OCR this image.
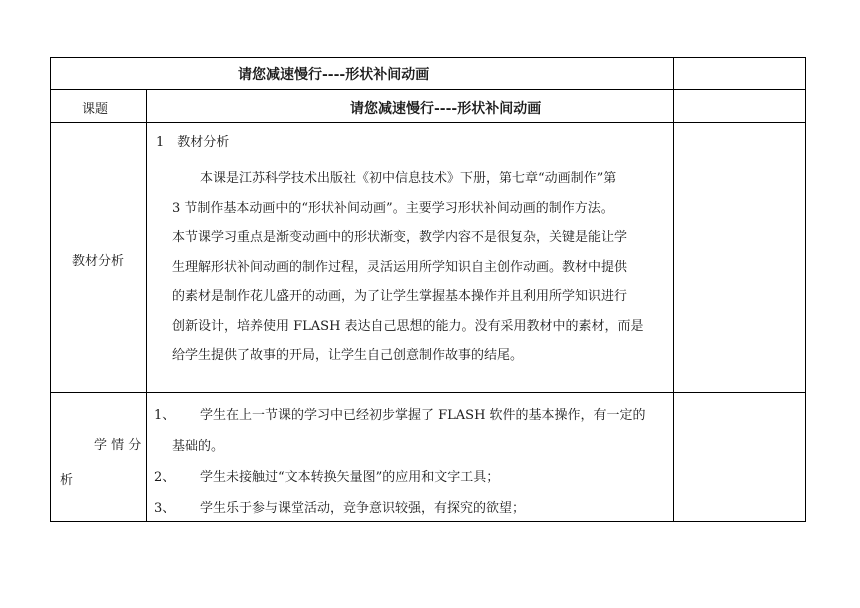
请您减速慢行----形状补间动画
课题	请您减速慢行----形状补间动画
教材分析
1　教材分析
本课是江苏科学技术出版社《初中信息技术》下册，第七章“动画制作”第
3 节制作基本动画中的“形状补间动画”。主要学习形状补间动画的制作方法。
本节课学习重点是渐变动画中的形状渐变，教学内容不是很复杂，关键是能让学
生理解形状补间动画的制作过程，灵活运用所学知识自主创作动画。教材中提供
的素材是制作花儿盛开的动画，为了让学生掌握基本操作并且利用所学知识进行
创新设计，培养使用 FLASH 表达自己思想的能力。没有采用教材中的素材，而是
给学生提供了故事的开局，让学生自己创意制作故事的结尾。
学 情 分
析
1、 学生在上一节课的学习中已经初步掌握了 FLASH 软件的基本操作，有一定的
基础的。
2、 学生未接触过“文本转换矢量图”的应用和文字工具；
3、 学生乐于参与课堂活动，竞争意识较强，有探究的欲望；
